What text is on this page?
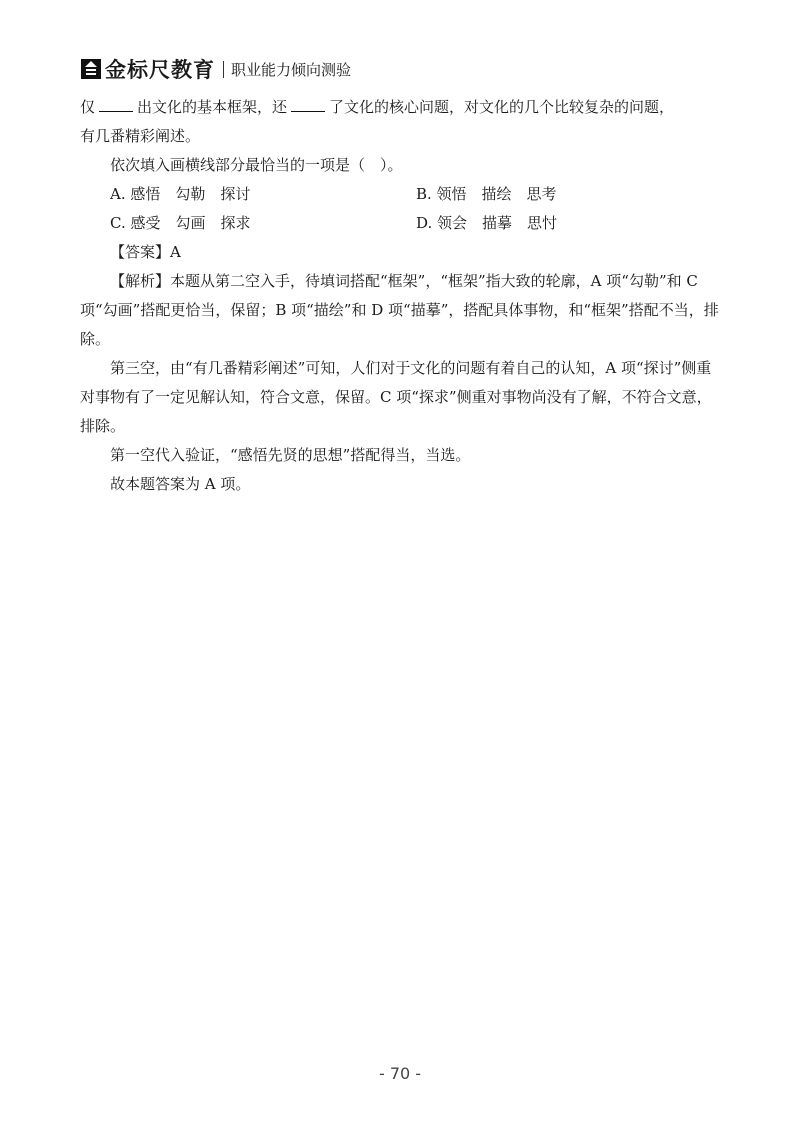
金标尺教育 职业能力倾向测验

仅	出文化的基本框架，还	了文化的核心问题，对文化的几个比较复杂的问题，

有几番精彩阐述。

依次填入画横线部分最恰当的一项是（　）。

A. 感悟　勾勒　探讨	B. 领悟　描绘　思考
C. 感受　勾画　探求	D. 领会　描摹　思忖

【答案】A

【解析】本题从第二空入手，待填词搭配“框架”，“框架”指大致的轮廓，A 项“勾勒”和 C 项“勾画”搭配更恰当，保留；B 项“描绘”和 D 项“描摹”，搭配具体事物，和“框架”搭配不当，排除。

第三空，由“有几番精彩阐述”可知，人们对于文化的问题有着自己的认知，A 项“探讨”侧重对事物有了一定见解认知，符合文意，保留。C 项“探求”侧重对事物尚没有了解，不符合文意，排除。

第一空代入验证，“感悟先贤的思想”搭配得当，当选。

故本题答案为 A 项。

- 70 -
